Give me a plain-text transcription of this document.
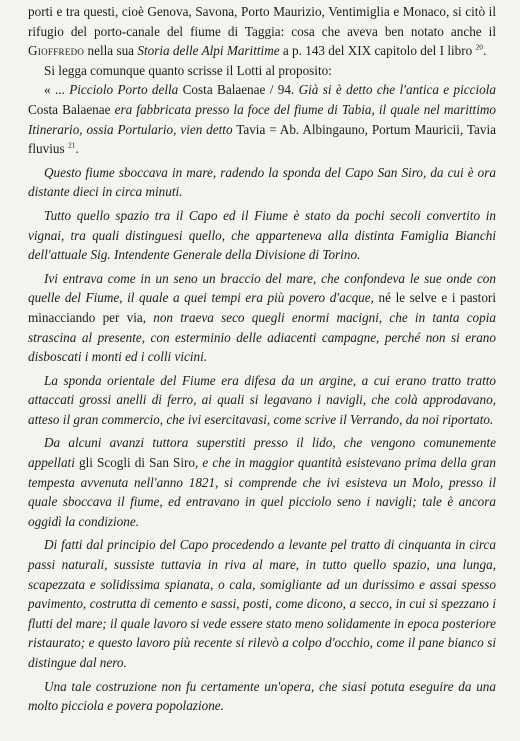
porti e tra questi, cioè Genova, Savona, Porto Maurizio, Ventimiglia e Monaco, si citò il rifugio del porto-canale del fiume di Taggia: cosa che aveva ben notato anche il Gioffredo nella sua Storia delle Alpi Marittime a p. 143 del XIX capitolo del I libro $^{20}$.

Si legga comunque quanto scrisse il Lotti al proposito:

« ... Picciolo Porto della Costa Balaenae / 94. Già si è detto che l'antica e picciola Costa Balaenae era fabbricata presso la foce del fiume di Tabia, il quale nel marittimo Itinerario, ossia Portulario, vien detto Tavia = Ab. Albingauno, Portum Mauricii, Tavia fluvius $^{21}$.

Questo fiume sboccava in mare, radendo la sponda del Capo San Siro, da cui è ora distante dieci in circa minuti.

Tutto quello spazio tra il Capo ed il Fiume è stato da pochi secoli convertito in vignai, tra quali distinguesi quello, che apparteneva alla distinta Famiglia Bianchi dell'attuale Sig. Intendente Generale della Divisione di Torino.

Ivi entrava come in un seno un braccio del mare, che confondeva le sue onde con quelle del Fiume, il quale a quei tempi era più povero d'acque, né le selve e i pastori minacciando per via, non traeva seco quegli enormi macigni, che in tanta copia strascina al presente, con esterminio delle adiacenti campagne, perché non si erano disboscati i monti ed i colli vicini.

La sponda orientale del Fiume era difesa da un argine, a cui erano tratto tratto attaccati grossi anelli di ferro, ai quali si legavano i navigli, che colà approdavano, atteso il gran commercio, che ivi esercitavasi, come scrive il Verrando, da noi riportato.

Da alcuni avanzi tuttora superstiti presso il lido, che vengono comunemente appellati gli Scogli di San Siro, e che in maggior quantità esistevano prima della gran tempesta avvenuta nell'anno 1821, si comprende che ivi esisteva un Molo, presso il quale sboccava il fiume, ed entravano in quel picciolo seno i navigli; tale è ancora oggidì la condizione.

Di fatti dal principio del Capo procedendo a levante pel tratto di cinquanta in circa passi naturali, sussiste tuttavia in riva al mare, in tutto quello spazio, una lunga, scapezzata e solidissima spianata, o cala, somigliante ad un durissimo e assai spesso pavimento, costrutta di cemento e sassi, posti, come dicono, a secco, in cui si spezzano i flutti del mare; il quale lavoro si vede essere stato meno solidamente in epoca posteriore ristaurato; e questo lavoro più recente si rilevò a colpo d'occhio, come il pane bianco si distingue dal nero.

Una tale costruzione non fu certamente un'opera, che siasi potuta eseguire da una molto picciola e povera popolazione.
